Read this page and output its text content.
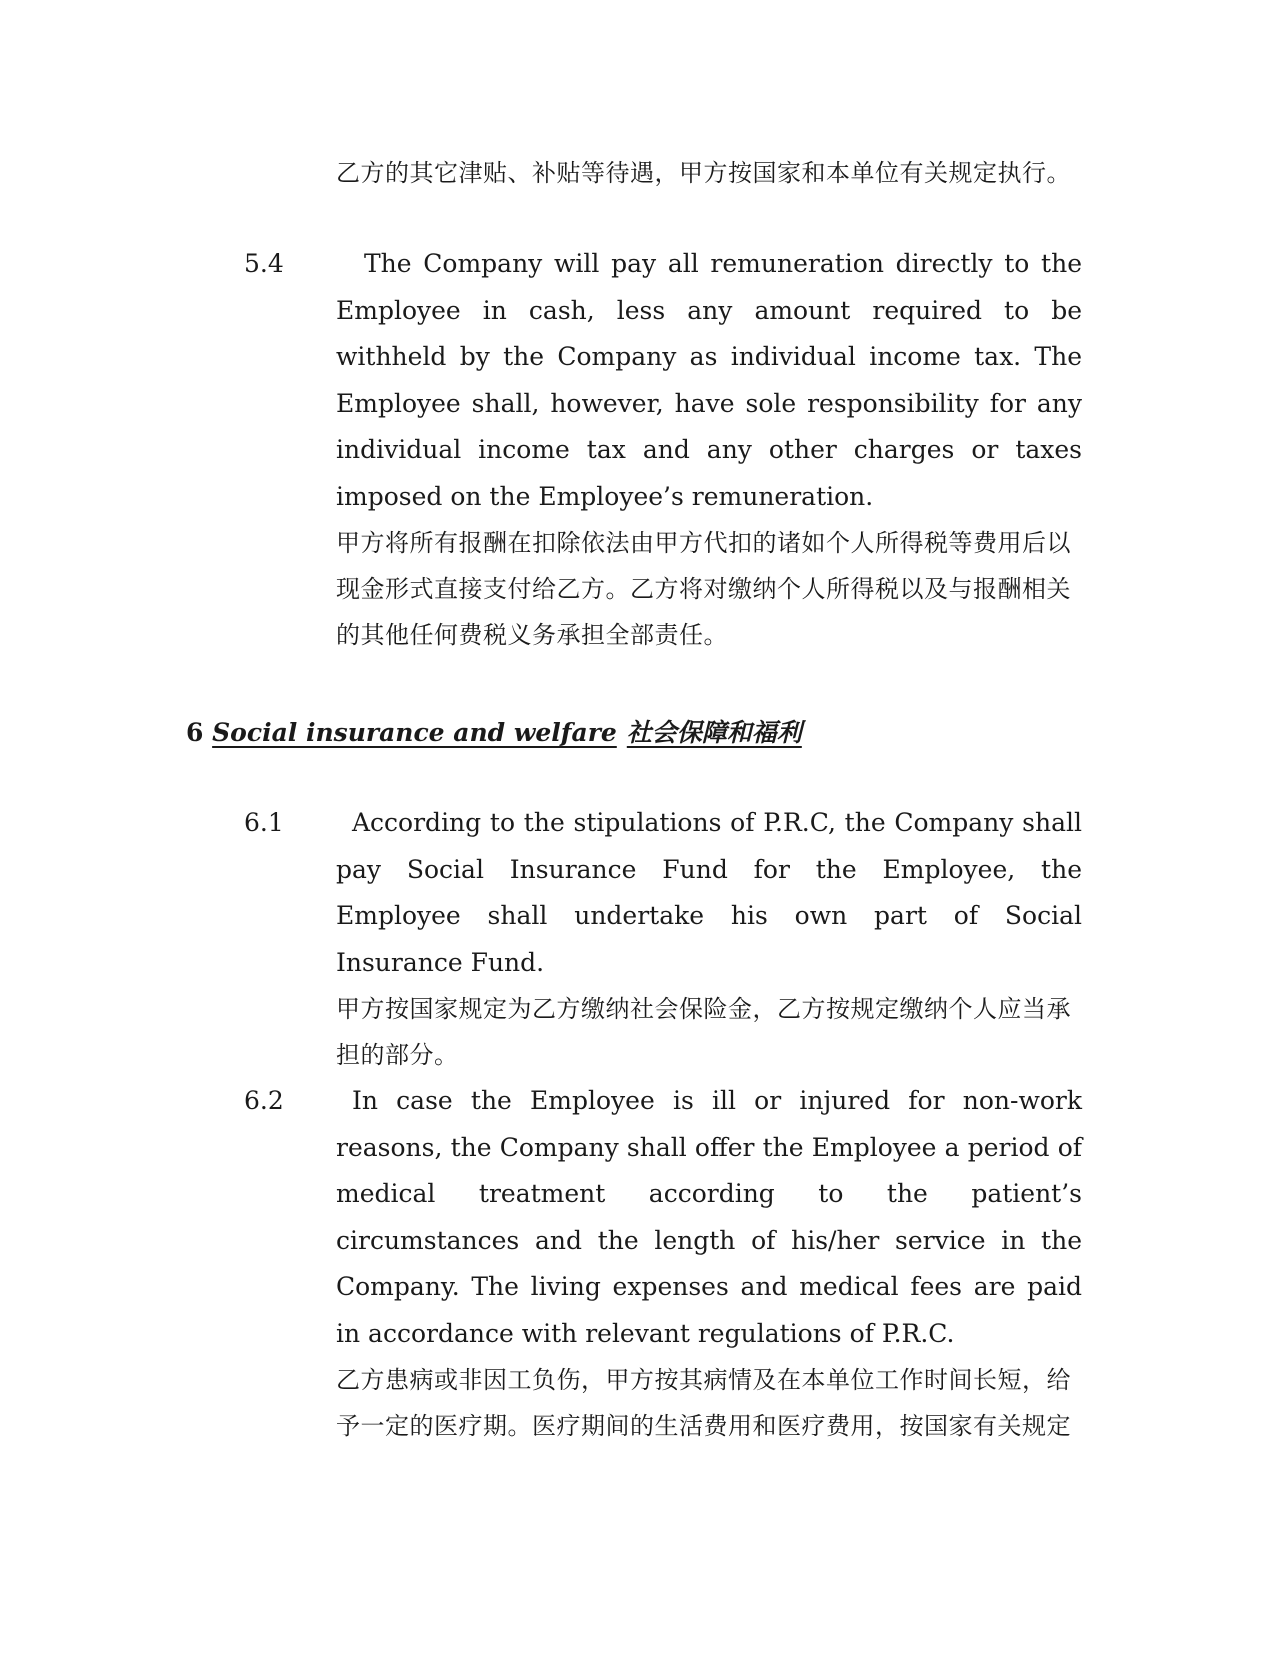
乙方的其它津贴、补贴等待遇，甲方按国家和本单位有关规定执行。

5.4	The Company will pay all remuneration directly to the Employee in cash, less any amount required to be withheld by the Company as individual income tax. The Employee shall, however, have sole responsibility for any individual income tax and any other charges or taxes imposed on the Employee’s remuneration.

甲方将所有报酬在扣除依法由甲方代扣的诸如个人所得税等费用后以现金形式直接支付给乙方。乙方将对缴纳个人所得税以及与报酬相关的其他任何费税义务承担全部责任。

6 Social insurance and welfare 社会保障和福利
6.1	According to the stipulations of P.R.C, the Company shall pay Social Insurance Fund for the Employee, the Employee shall undertake his own part of Social Insurance Fund.

甲方按国家规定为乙方缴纳社会保险金，乙方按规定缴纳个人应当承担的部分。

6.2	In case the Employee is ill or injured for non-work reasons, the Company shall offer the Employee a period of medical treatment according to the patient’s circumstances and the length of his/her service in the Company. The living expenses and medical fees are paid in accordance with relevant regulations of P.R.C.

乙方患病或非因工负伤，甲方按其病情及在本单位工作时间长短，给予一定的医疗期。医疗期间的生活费用和医疗费用，按国家有关规定
